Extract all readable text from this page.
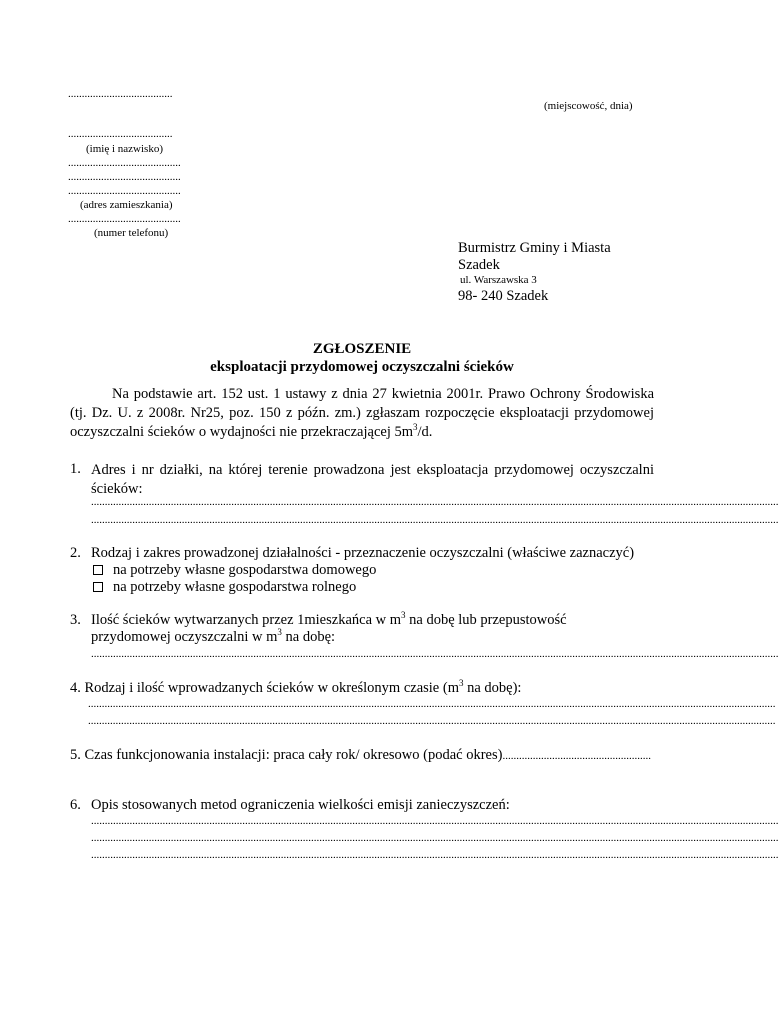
......................................
(miejscowość, dnia)
......................................
(imię i nazwisko)
.........................................
.........................................
.........................................
(adres zamieszkania)
.........................................
(numer telefonu)
Burmistrz Gminy i Miasta
Szadek
ul. Warszawska 3
98- 240 Szadek
ZGŁOSZENIE
eksploatacji przydomowej oczyszczalni ścieków
Na podstawie art. 152 ust. 1 ustawy z dnia 27 kwietnia 2001r. Prawo Ochrony Środowiska (tj. Dz. U. z 2008r. Nr25, poz. 150 z późn. zm.) zgłaszam rozpoczęcie eksploatacji przydomowej oczyszczalni ścieków o wydajności nie przekraczającej $5m^3/d$.
1. Adres i nr działki, na której terenie prowadzona jest eksploatacja przydomowej oczyszczalni ścieków:
..........................................................................................................................................................................................................................................................
..........................................................................................................................................................................................................................................................
2. Rodzaj i zakres prowadzonej działalności - przeznaczenie oczyszczalni (właściwe zaznaczyć)
na potrzeby własne gospodarstwa domowego
na potrzeby własne gospodarstwa rolnego
3. Ilość ścieków wytwarzanych przez 1mieszkańca w $m^3$ na dobę lub przepustowość
przydomowej oczyszczalni w $m^3$ na dobę:
..........................................................................................................................................................................................................................................................
4. Rodzaj i ilość wprowadzanych ścieków w określonym czasie ($m^3$ na dobę):
..........................................................................................................................................................................................................................................................
..........................................................................................................................................................................................................................................................
5. Czas funkcjonowania instalacji: praca cały rok/ okresowo (podać okres)......................................................
6. Opis stosowanych metod ograniczenia wielkości emisji zanieczyszczeń:
..........................................................................................................................................................................................................................................................
..........................................................................................................................................................................................................................................................
..........................................................................................................................................................................................................................................................
